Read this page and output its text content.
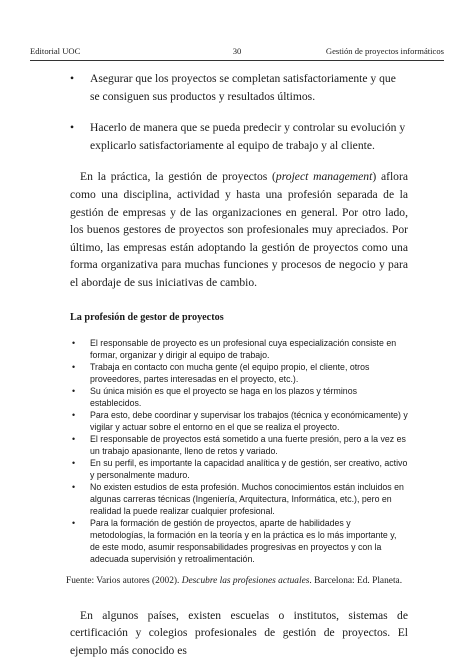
Editorial UOC	30	Gestión de proyectos informáticos
• Asegurar que los proyectos se completan satisfactoriamente y que se consiguen sus productos y resultados últimos.
• Hacerlo de manera que se pueda predecir y controlar su evolución y explicarlo satisfactoriamente al equipo de trabajo y al cliente.

En la práctica, la gestión de proyectos (project management) aflora como una disciplina, actividad y hasta una profesión separada de la gestión de empresas y de las organizaciones en general. Por otro lado, los buenos gestores de proyectos son profesionales muy apreciados. Por último, las empresas están adoptando la gestión de proyectos como una forma organizativa para muchas funciones y procesos de negocio y para el abordaje de sus iniciativas de cambio.

La profesión de gestor de proyectos
• El responsable de proyecto es un profesional cuya especialización consiste en formar, organizar y dirigir al equipo de trabajo.
• Trabaja en contacto con mucha gente (el equipo propio, el cliente, otros proveedores, partes interesadas en el proyecto, etc.).
• Su única misión es que el proyecto se haga en los plazos y términos establecidos.
• Para esto, debe coordinar y supervisar los trabajos (técnica y económicamente) y vigilar y actuar sobre el entorno en el que se realiza el proyecto.
• El responsable de proyectos está sometido a una fuerte presión, pero a la vez es un trabajo apasionante, lleno de retos y variado.
• En su perfil, es importante la capacidad analítica y de gestión, ser creativo, activo y personalmente maduro.
• No existen estudios de esta profesión. Muchos conocimientos están incluidos en algunas carreras técnicas (Ingeniería, Arquitectura, Informática, etc.), pero en realidad la puede realizar cualquier profesional.
• Para la formación de gestión de proyectos, aparte de habilidades y metodologías, la formación en la teoría y en la práctica es lo más importante y, de este modo, asumir responsabilidades progresivas en proyectos y con la adecuada supervisión y retroalimentación.

Fuente: Varios autores (2002). Descubre las profesiones actuales. Barcelona: Ed. Planeta.

En algunos países, existen escuelas o institutos, sistemas de certificación y colegios profesionales de gestión de proyectos. El ejemplo más conocido es
